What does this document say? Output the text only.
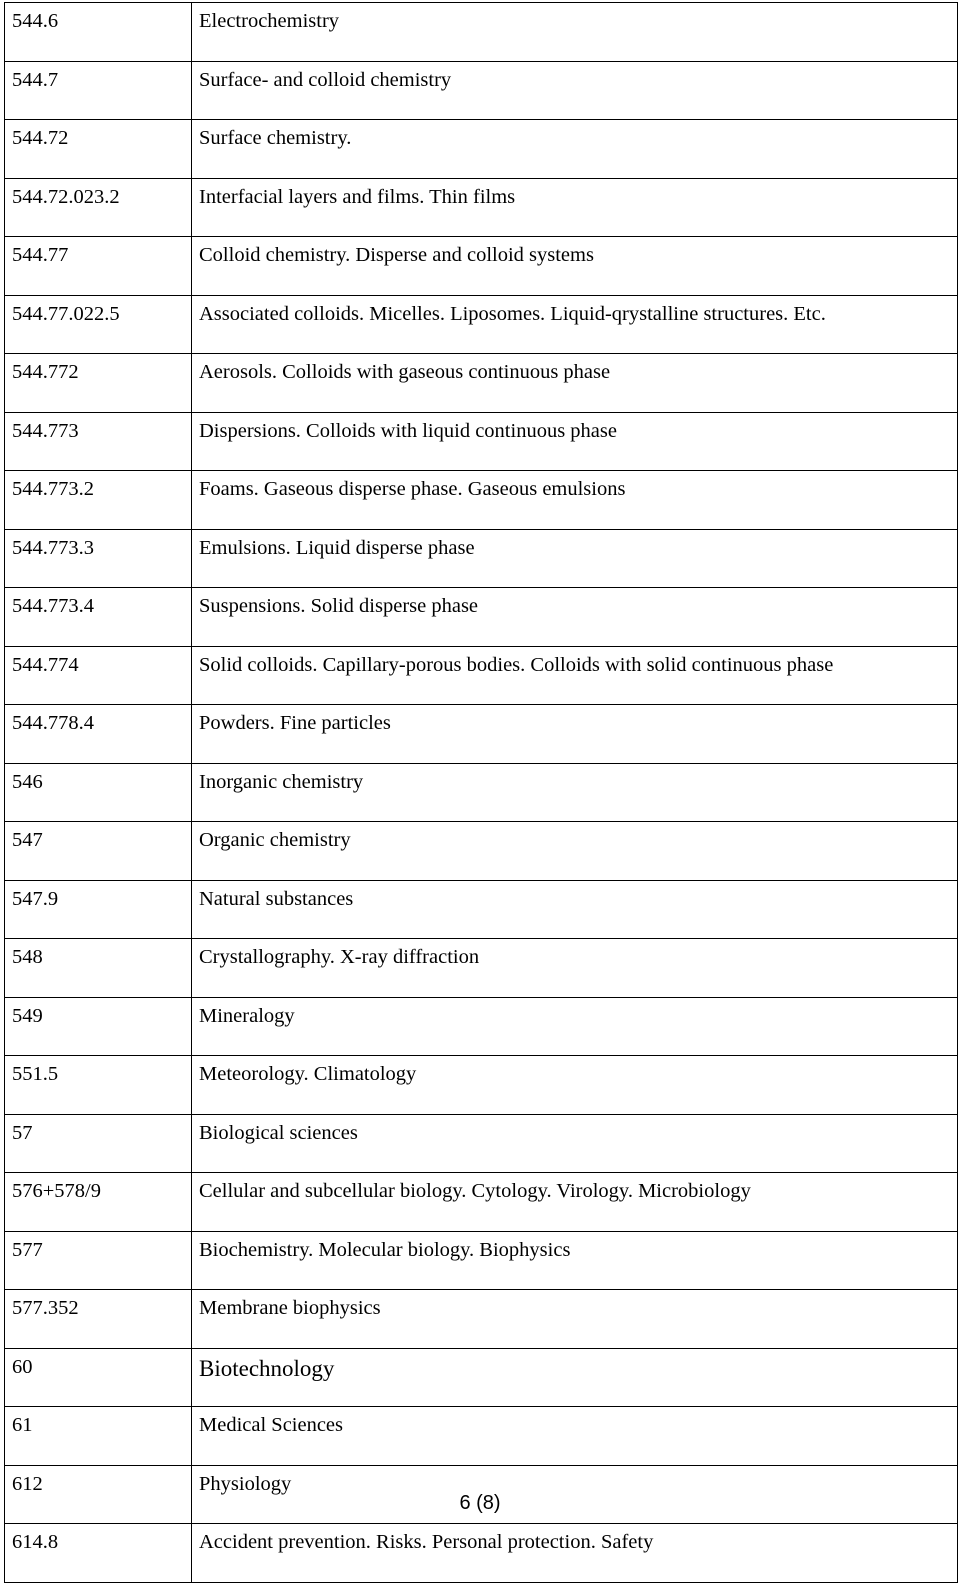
544.6	Electrochemistry
544.7	Surface- and colloid chemistry
544.72	Surface chemistry.
544.72.023.2	Interfacial layers and films. Thin films
544.77	Colloid chemistry. Disperse and colloid systems
544.77.022.5	Associated colloids. Micelles. Liposomes. Liquid-qrystalline structures. Etc.
544.772	Aerosols. Colloids with gaseous continuous phase
544.773	Dispersions. Colloids with liquid continuous phase
544.773.2	Foams. Gaseous disperse phase. Gaseous emulsions
544.773.3	Emulsions. Liquid disperse phase
544.773.4	Suspensions. Solid disperse phase
544.774	Solid colloids. Capillary-porous bodies. Colloids with solid continuous phase
544.778.4	Powders. Fine particles
546	Inorganic chemistry
547	Organic chemistry
547.9	Natural substances
548	Crystallography. X-ray diffraction
549	Mineralogy
551.5	Meteorology. Climatology
57	Biological sciences
576+578/9	Cellular and subcellular biology. Cytology. Virology. Microbiology
577	Biochemistry. Molecular biology. Biophysics
577.352	Membrane biophysics
60	Biotechnology
61	Medical Sciences
612	Physiology
614.8	Accident prevention. Risks. Personal protection. Safety
6 (8)
